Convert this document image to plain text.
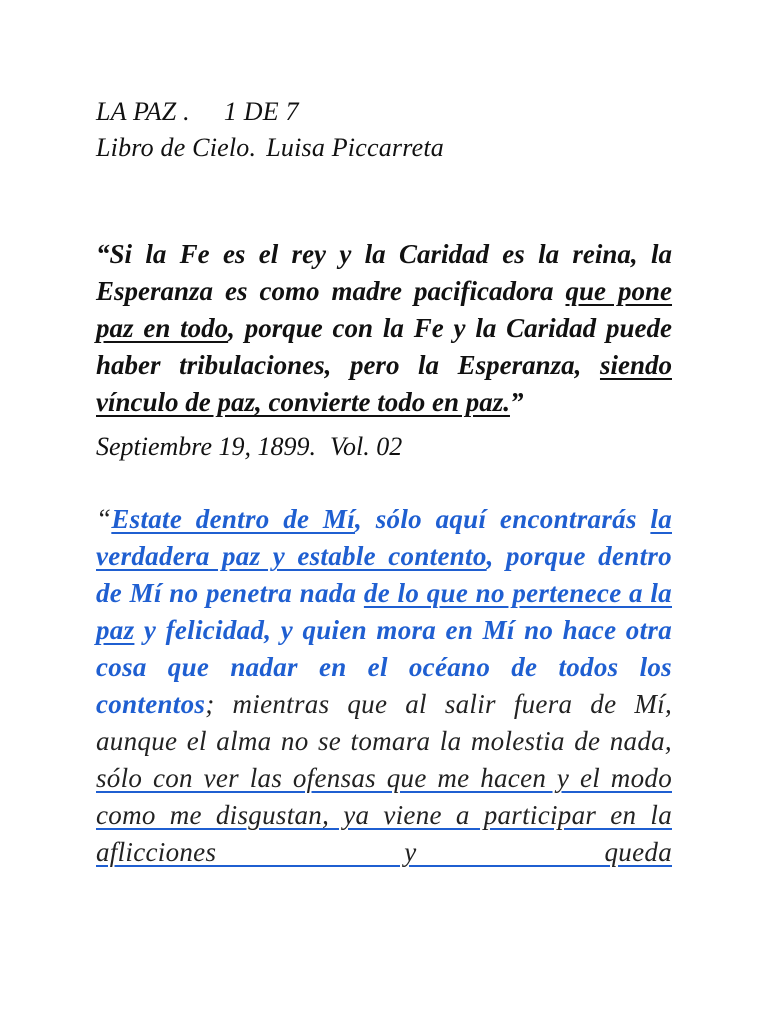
LA PAZ . 1 DE 7
Libro de Cielo. Luisa Piccarreta
“Si la Fe es el rey y la Caridad es la reina, la Esperanza es como madre pacificadora que pone paz en todo, porque con la Fe y la Caridad puede haber tribulaciones, pero la Esperanza, siendo vínculo de paz, convierte todo en paz.”
Septiembre 19, 1899. Vol. 02
“Estate dentro de Mí, sólo aquí encontrarás la verdadera paz y estable contento, porque dentro de Mí no penetra nada de lo que no pertenece a la paz y felicidad, y quien mora en Mí no hace otra cosa que nadar en el océano de todos los contentos; mientras que al salir fuera de Mí, aunque el alma no se tomara la molestia de nada, sólo con ver las ofensas que me hacen y el modo como me disgustan, ya viene a participar en la aflicciones y queda
